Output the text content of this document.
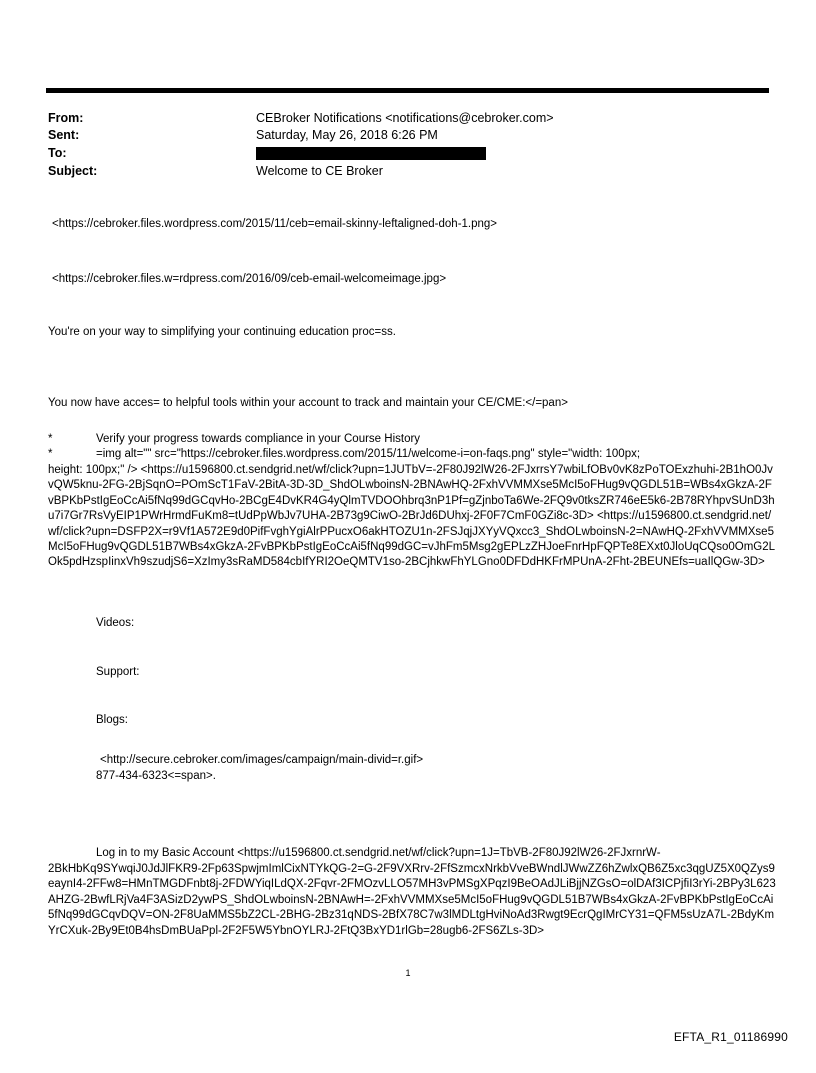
From:	CEBroker Notifications <notifications@cebroker.com>
Sent:	Saturday, May 26, 2018 6:26 PM
To:
Subject:	Welcome to CE Broker
<https://cebroker.files.wordpress.com/2015/11/ceb=email-skinny-leftaligned-doh-1.png>
<https://cebroker.files.w=rdpress.com/2016/09/ceb-email-welcomeimage.jpg>
You're on your way to simplifying your continuing education proc=ss.
You now have acces= to helpful tools within your account to track and maintain your CE/CME:</=pan>
*	Verify your progress towards compliance in your Course History
*	=img alt="" src="https://cebroker.files.wordpress.com/2015/11/welcome-i=on-faqs.png" style="width: 100px;
height: 100px;" /> <https://u1596800.ct.sendgrid.net/wf/click?upn=1JUTbV=-2F80J92lW26-2FJxrrsY7wbiLfOBv0vK8zPoTOExzhuhi-2B1hO0JvvQW5knu-2FG-2BjSqnO=POmScT1FaV-2BitA-3D-3D_ShdOLwboinsN-2BNAwHQ-2FxhVVMMXse5McI5oFHug9vQGDL51B=WBs4xGkzA-2FvBPKbPstIgEoCcAi5fNq99dGCqvHo-2BCgE4DvKR4G4yQlmTVDOOhbrq3nP1Pf=gZjnboTa6We-2FQ9v0tksZR746eE5k6-2B78RYhpvSUnD3hu7i7Gr7RsVyEIP1PWrHrmdFuKm8=tUdPpWbJv7UHA-2B73g9CiwO-2BrJd6DUhxj-2F0F7CmF0GZi8c-3D> <https://u1596800.ct.sendgrid.net/wf/click?upn=DSFP2X=r9Vf1A572E9d0PifFvghYgiAlrPPucxO6akHTOZU1n-2FSJqjJXYyVQxcc3_ShdOLwboinsN-2=NAwHQ-2FxhVVMMXse5McI5oFHug9vQGDL51B7WBs4xGkzA-2FvBPKbPstIgEoCcAi5fNq99dGC=vJhFm5Msg2gEPLzZHJoeFnrHpFQPTe8EXxt0JloUqCQso0OmG2LOk5pdHzspIinxVh9szudjS6=XzImy3sRaMD584cbIfYRI2OeQMTV1so-2BCjhkwFhYLGno0DFDdHKFrMPUnA-2Fht-2BEUNEfs=uaIlQGw-3D>
Videos:
Support:
Blogs:
<http://secure.cebroker.com/images/campaign/main-divid=r.gif>
877-434-6323<=span>.
Log in to my Basic Account <https://u1596800.ct.sendgrid.net/wf/click?upn=1J=TbVB-2F80J92lW26-2FJxrnrW-
2BkHbKq9SYwqiJ0JdJlFKR9-2Fp63SpwjmImlCixNTYkQG-2=G-2F9VXRrv-2FfSzmcxNrkbVveBWndlJWwZZ6hZwlxQB6Z5xc3qgUZ5X0QZys9eaynI4-2FFw8=HMnTMGDFnbt8j-2FDWYiqILdQX-2Fqvr-2FMOzvLLO57MH3vPMSgXPqzI9BeOAdJLiBjjNZGsO=olDAf3ICPjfiI3rYi-2BPy3L623AHZG-2BwfLRjVa4F3ASizD2ywPS_ShdOLwboinsN-2BNAwH=-2FxhVVMMXse5McI5oFHug9vQGDL51B7WBs4xGkzA-2FvBPKbPstIgEoCcAi5fNq99dGCqvDQV=ON-2F8UaMMS5bZ2CL-2BHG-2Bz31qNDS-2BfX78C7w3lMDLtgHviNoAd3Rwgt9EcrQgIMrCY31=QFM5sUzA7L-2BdyKmYrCXuk-2By9Et0B4hsDmBUaPpl-2F2F5W5YbnOYLRJ-2FtQ3BxYD1rlGb=28ugb6-2FS6ZLs-3D>
1
EFTA_R1_01186990
